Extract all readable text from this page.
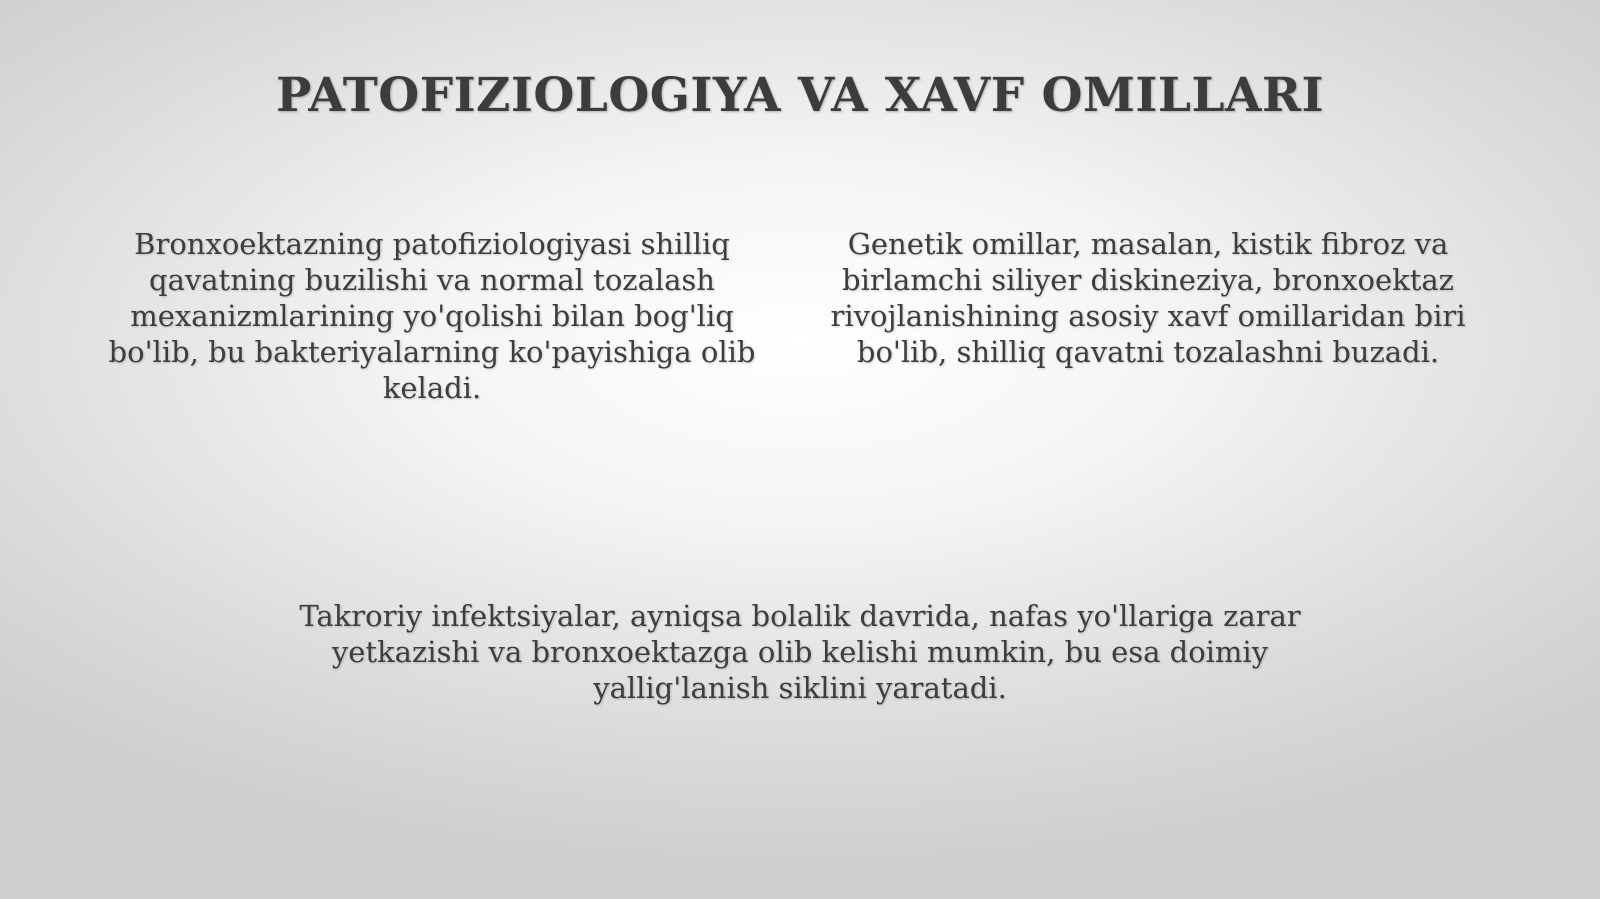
PATOFIZIOLOGIYA VA XAVF OMILLARI

Bronxoektazning patofiziologiyasi shilliq qavatning buzilishi va normal tozalash mexanizmlarining yo'qolishi bilan bog'liq bo'lib, bu bakteriyalarning ko'payishiga olib keladi.

Genetik omillar, masalan, kistik fibroz va birlamchi siliyer diskineziya, bronxoektaz rivojlanishining asosiy xavf omillaridan biri bo'lib, shilliq qavatni tozalashni buzadi.

Takroriy infektsiyalar, ayniqsa bolalik davrida, nafas yo'llariga zarar yetkazishi va bronxoektazga olib kelishi mumkin, bu esa doimiy yallig'lanish siklini yaratadi.
